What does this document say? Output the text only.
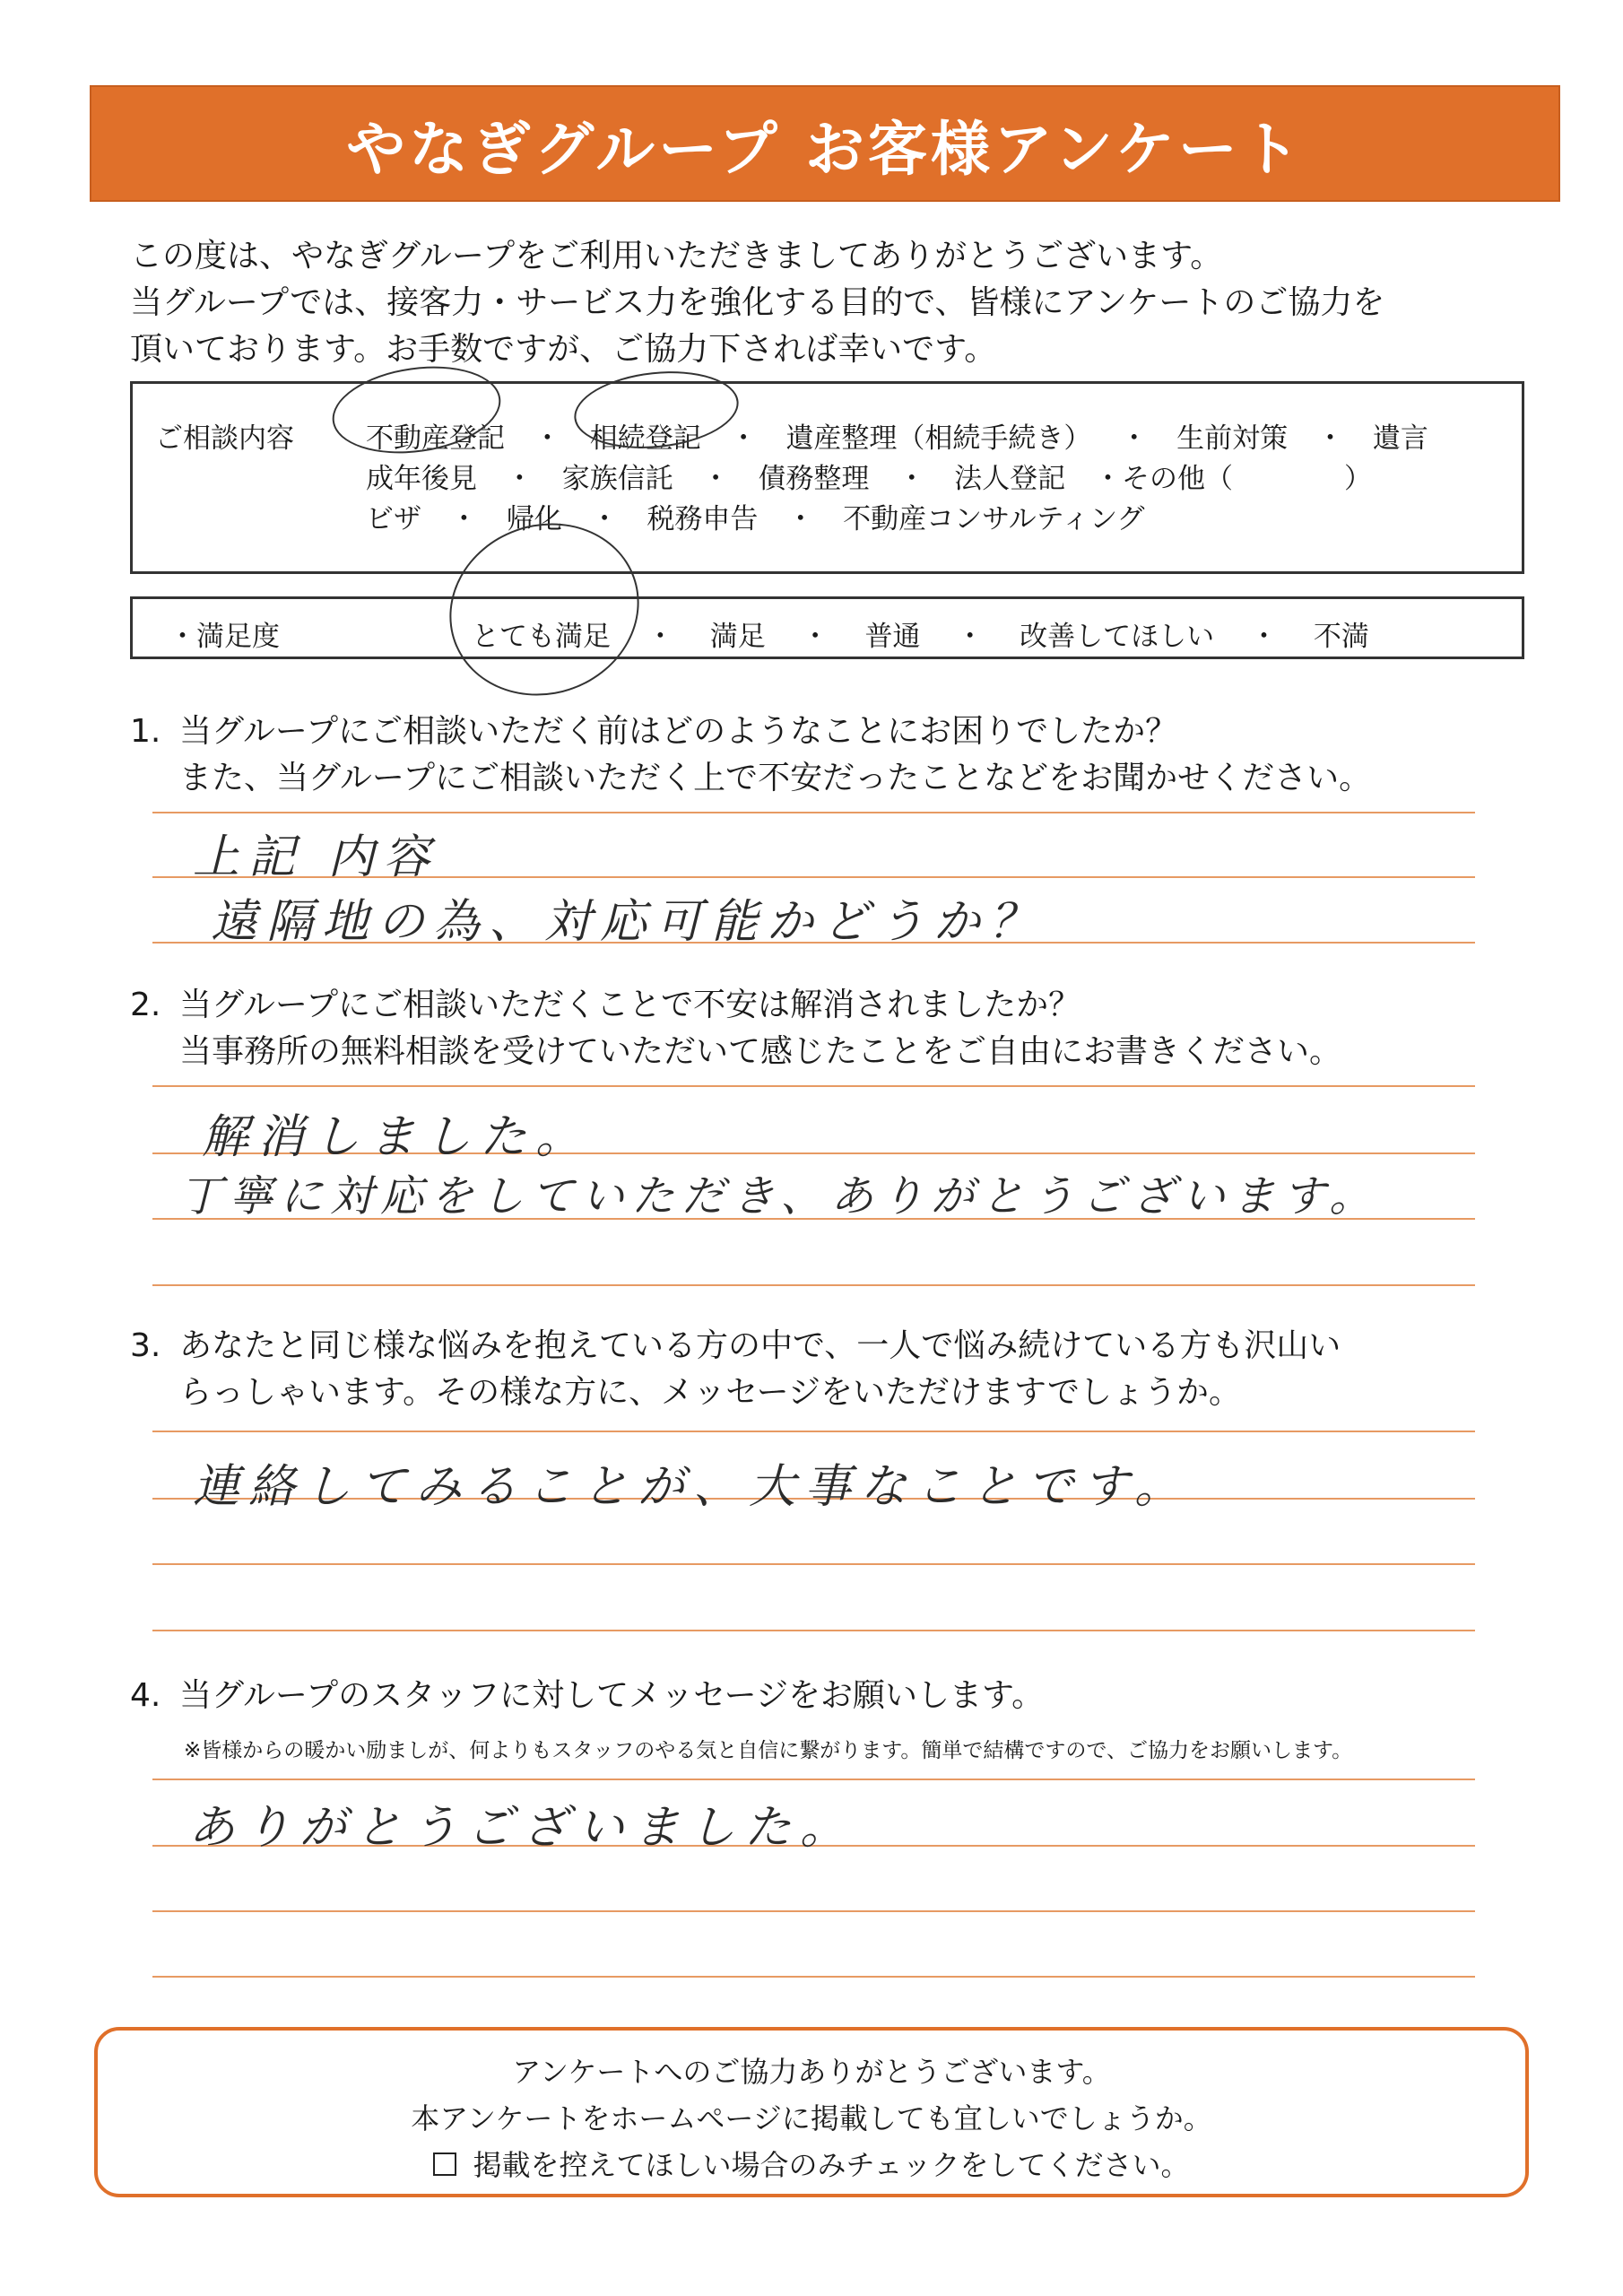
やなぎグループ お客様アンケート
この度は、やなぎグループをご利用いただきましてありがとうございます。
当グループでは、接客力・サービス力を強化する目的で、皆様にアンケートのご協力を
頂いております。お手数ですが、ご協力下されば幸いです。
ご相談内容	不動産登記 ・ 相続登記 ・ 遺産整理（相続手続き） ・ 生前対策 ・ 遺言
成年後見 ・ 家族信託 ・ 債務整理 ・ 法人登記 ・その他（　　　　）
ビザ ・ 帰化 ・ 税務申告 ・ 不動産コンサルティング
・満足度	とても満足 ・ 満足 ・ 普通 ・ 改善してほしい ・ 不満
1. 当グループにご相談いただく前はどのようなことにお困りでしたか？
また、当グループにご相談いただく上で不安だったことなどをお聞かせください。
上記 内容
遠隔地の為、対応可能かどうか？
2. 当グループにご相談いただくことで不安は解消されましたか？
当事務所の無料相談を受けていただいて感じたことをご自由にお書きください。
解消しました。
丁寧に対応をしていただき、ありがとうございます。
3. あなたと同じ様な悩みを抱えている方の中で、一人で悩み続けている方も沢山い
らっしゃいます。その様な方に、メッセージをいただけますでしょうか。
連絡してみることが、大事なことです。
4. 当グループのスタッフに対してメッセージをお願いします。
※皆様からの暖かい励ましが、何よりもスタッフのやる気と自信に繋がります。簡単で結構ですので、ご協力をお願いします。
ありがとうございました。
アンケートへのご協力ありがとうございます。
本アンケートをホームページに掲載しても宜しいでしょうか。
掲載を控えてほしい場合のみチェックをしてください。
